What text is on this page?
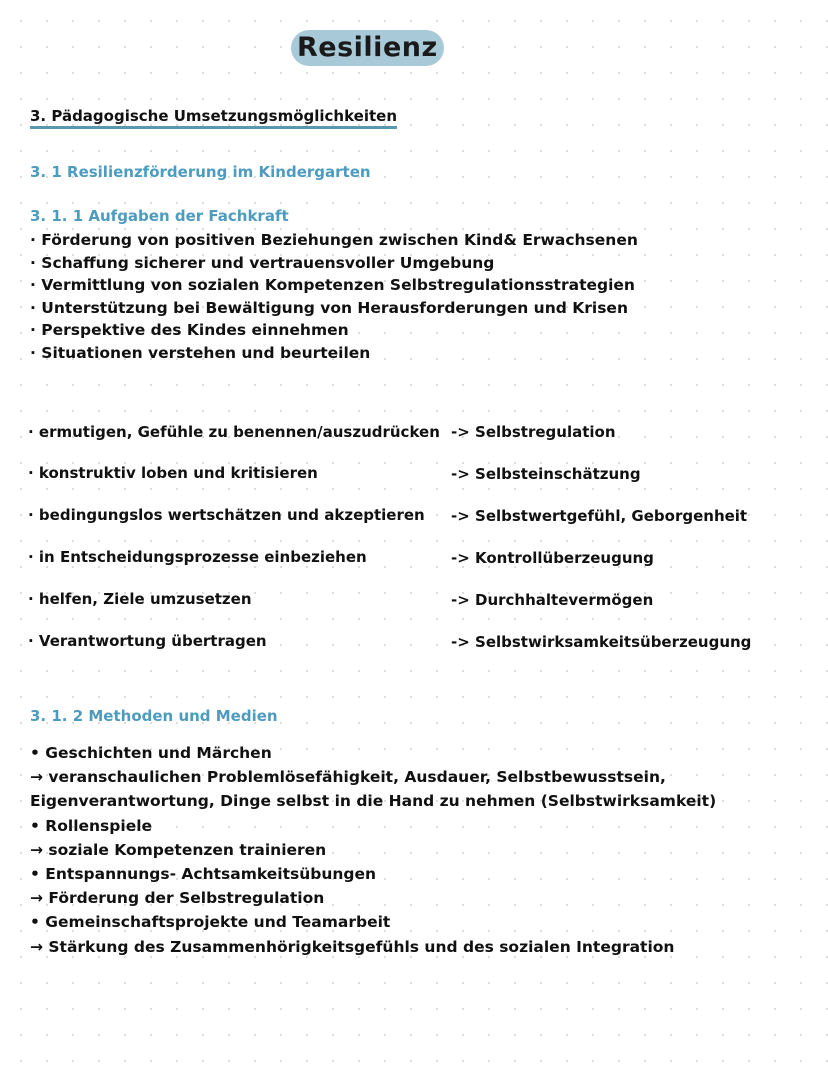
Resilienz
3. Pädagogische Umsetzungsmöglichkeiten
3. 1 Resilienzförderung im Kindergarten
3. 1. 1 Aufgaben der Fachkraft
· Förderung von positiven Beziehungen zwischen Kind& Erwachsenen
· Schaffung sicherer und vertrauensvoller Umgebung
· Vermittlung von sozialen Kompetenzen Selbstregulationsstrategien
· Unterstützung bei Bewältigung von Herausforderungen und Krisen
· Perspektive des Kindes einnehmen
· Situationen verstehen und beurteilen
· ermutigen, Gefühle zu benennen/auszudrücken -> Selbstregulation
· konstruktiv loben und kritisieren	-> Selbsteinschätzung
· bedingungslos wertschätzen und akzeptieren -> Selbstwertgefühl, Geborgenheit
· in Entscheidungsprozesse einbeziehen	-> Kontrollüberzeugung
· helfen, Ziele umzusetzen	-> Durchhaltevermögen
· Verantwortung übertragen	-> Selbstwirksamkeitsüberzeugung
3. 1. 2 Methoden und Medien
• Geschichten und Märchen
→ veranschaulichen Problemlösefähigkeit, Ausdauer, Selbstbewusstsein,
Eigenverantwortung, Dinge selbst in die Hand zu nehmen (Selbstwirksamkeit)
• Rollenspiele
→ soziale Kompetenzen trainieren
• Entspannungs- Achtsamkeitsübungen
→ Förderung der Selbstregulation
• Gemeinschaftsprojekte und Teamarbeit
→ Stärkung des Zusammenhörigkeitsgefühls und des sozialen Integration
